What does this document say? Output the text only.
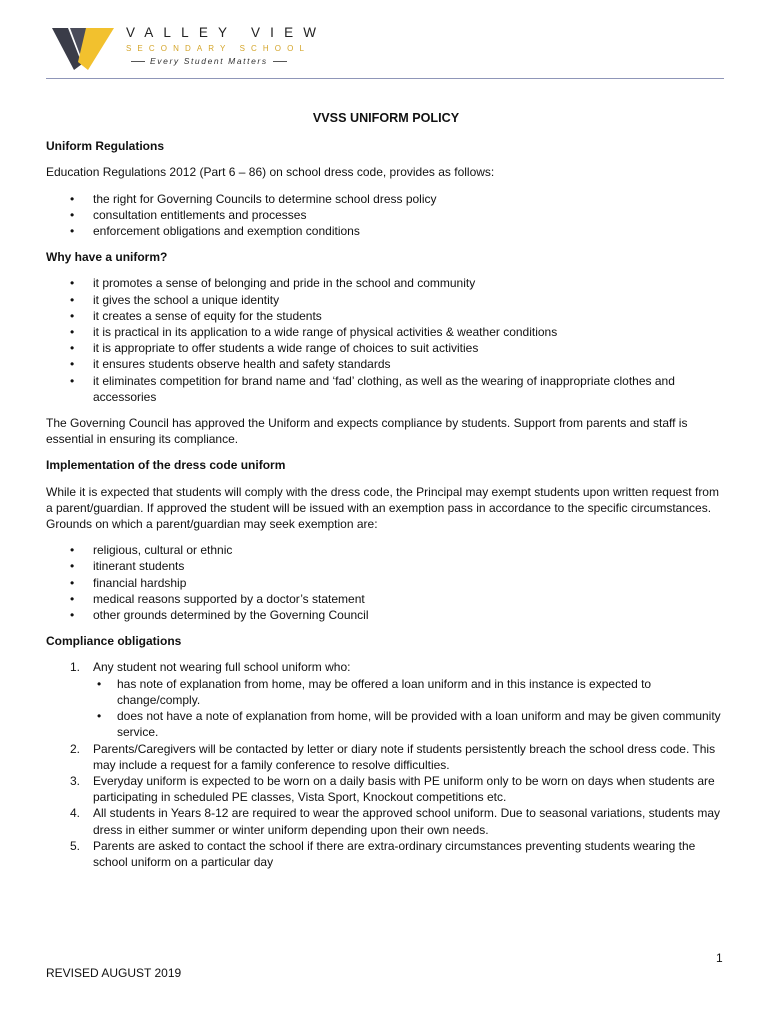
VALLEY VIEW
SECONDARY SCHOOL
Every Student Matters
VVSS UNIFORM POLICY
Uniform Regulations
Education Regulations 2012 (Part 6 – 86) on school dress code, provides as follows:
• the right for Governing Councils to determine school dress policy
• consultation entitlements and processes
• enforcement obligations and exemption conditions
Why have a uniform?
• it promotes a sense of belonging and pride in the school and community
• it gives the school a unique identity
• it creates a sense of equity for the students
• it is practical in its application to a wide range of physical activities & weather conditions
• it is appropriate to offer students a wide range of choices to suit activities
• it ensures students observe health and safety standards
• it eliminates competition for brand name and ‘fad’ clothing, as well as the wearing of inappropriate clothes and accessories
The Governing Council has approved the Uniform and expects compliance by students. Support from parents and staff is essential in ensuring its compliance.
Implementation of the dress code uniform
While it is expected that students will comply with the dress code, the Principal may exempt students upon written request from a parent/guardian. If approved the student will be issued with an exemption pass in accordance to the specific circumstances. Grounds on which a parent/guardian may seek exemption are:
• religious, cultural or ethnic
• itinerant students
• financial hardship
• medical reasons supported by a doctor’s statement
• other grounds determined by the Governing Council
Compliance obligations
1. Any student not wearing full school uniform who:
• has note of explanation from home, may be offered a loan uniform and in this instance is expected to change/comply.
• does not have a note of explanation from home, will be provided with a loan uniform and may be given community service.
2. Parents/Caregivers will be contacted by letter or diary note if students persistently breach the school dress code. This may include a request for a family conference to resolve difficulties.
3. Everyday uniform is expected to be worn on a daily basis with PE uniform only to be worn on days when students are participating in scheduled PE classes, Vista Sport, Knockout competitions etc.
4. All students in Years 8-12 are required to wear the approved school uniform. Due to seasonal variations, students may dress in either summer or winter uniform depending upon their own needs.
5. Parents are asked to contact the school if there are extra-ordinary circumstances preventing students wearing the school uniform on a particular day
1
REVISED AUGUST 2019
